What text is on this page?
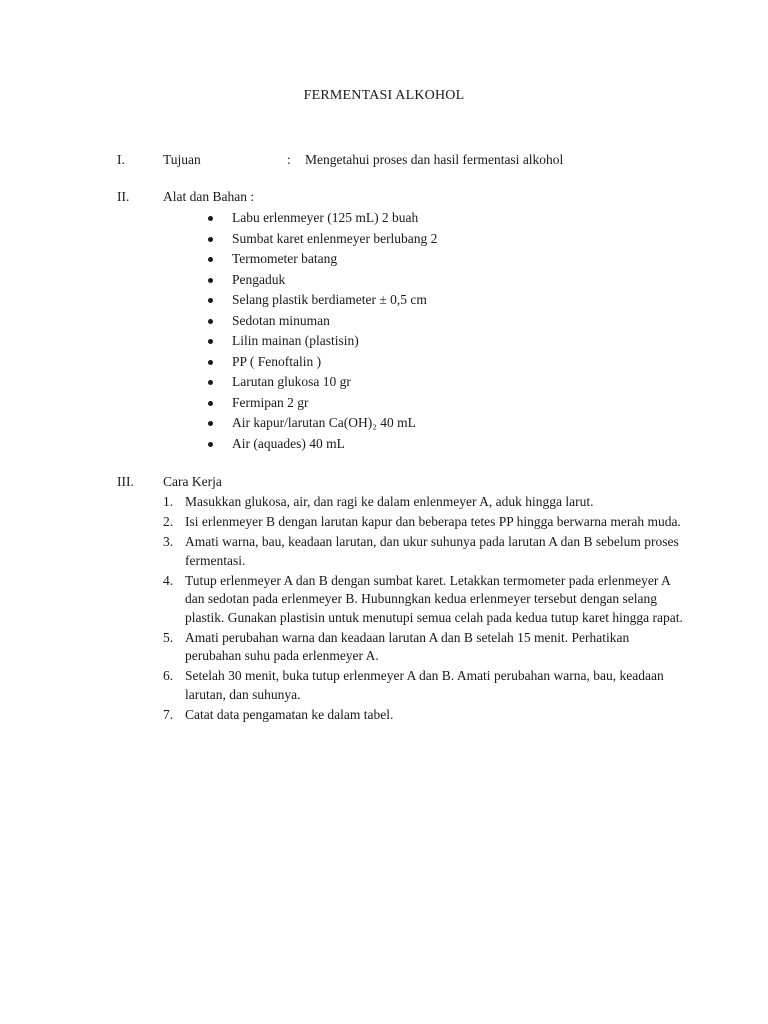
FERMENTASI ALKOHOL
I.	Tujuan	: Mengetahui proses dan hasil fermentasi alkohol
II. Alat dan Bahan :
Labu erlenmeyer (125 mL) 2 buah
Sumbat karet enlenmeyer berlubang 2
Termometer batang
Pengaduk
Selang plastik berdiameter ± 0,5 cm
Sedotan minuman
Lilin mainan (plastisin)
PP ( Fenoftalin )
Larutan glukosa 10 gr
Fermipan 2 gr
Air kapur/larutan Ca(OH)₂ 40 mL
Air (aquades) 40 mL
III. Cara Kerja
1. Masukkan glukosa, air, dan ragi ke dalam enlenmeyer A, aduk hingga larut.
2. Isi erlenmeyer B dengan larutan kapur dan beberapa tetes PP hingga berwarna merah muda.
3. Amati warna, bau, keadaan larutan, dan ukur suhunya pada larutan A dan B sebelum proses fermentasi.
4. Tutup erlenmeyer A dan B dengan sumbat karet. Letakkan termometer pada erlenmeyer A dan sedotan pada erlenmeyer B. Hubunngkan kedua erlenmeyer tersebut dengan selang plastik. Gunakan plastisin untuk menutupi semua celah pada kedua tutup karet hingga rapat.
5. Amati perubahan warna dan keadaan larutan A dan B setelah 15 menit. Perhatikan perubahan suhu pada erlenmeyer A.
6. Setelah 30 menit, buka tutup erlenmeyer A dan B. Amati perubahan warna, bau, keadaan larutan, dan suhunya.
7. Catat data pengamatan ke dalam tabel.
